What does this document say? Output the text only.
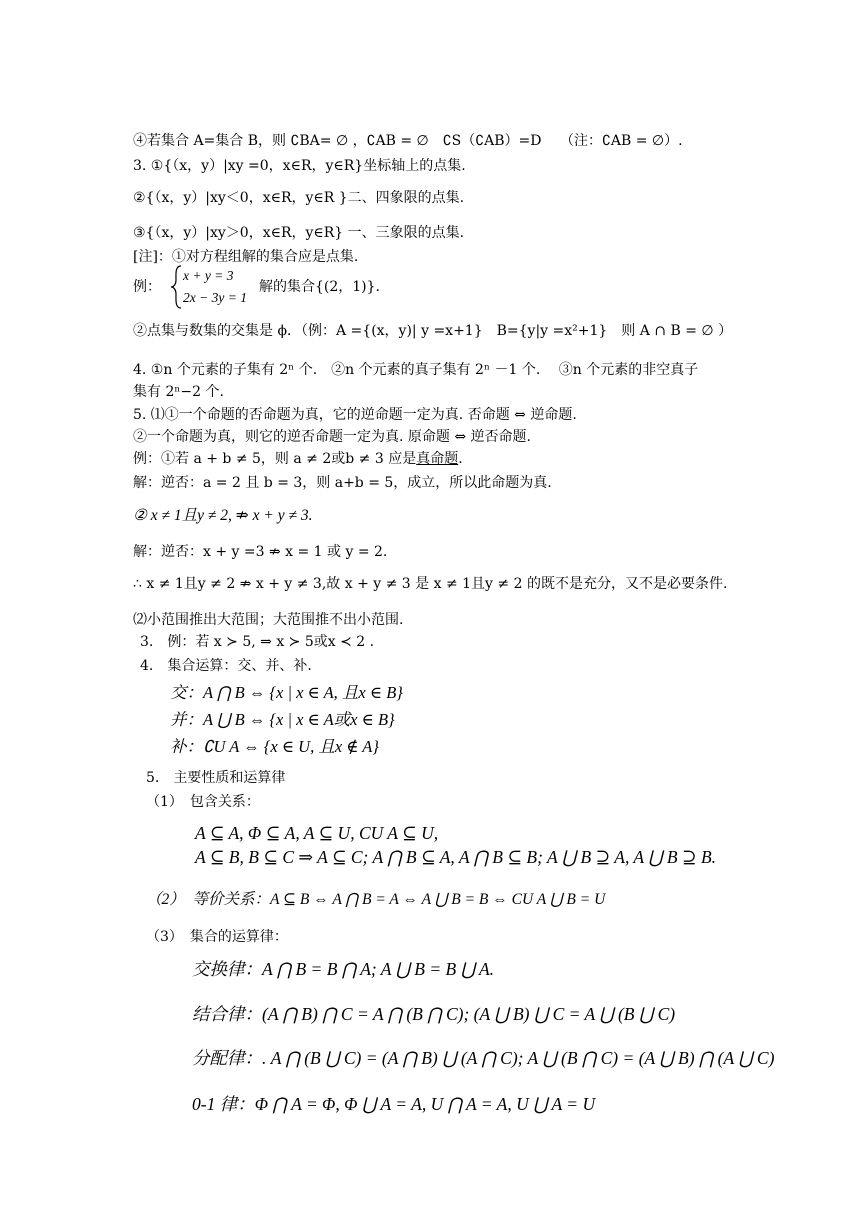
④若集合 A=集合 B，则 ∁BA= ∅ ，∁AB = ∅　∁S（∁AB）=D　 （注：∁AB = ∅）.
3. ①{（x，y）|xy =0，x∈R，y∈R}坐标轴上的点集.
②{（x，y）|xy＜0，x∈R，y∈R }二、四象限的点集.
③{（x，y）|xy＞0，x∈R，y∈R} 一、三象限的点集.
[注]：①对方程组解的集合应是点集.
例：
x + y = 3
2x − 3y = 1
解的集合{(2，1)}.
②点集与数集的交集是 ϕ．（例：A ={(x，y)| y =x+1}　B={y|y =x²+1}　则 A ∩ B = ∅ ）
4. ①n 个元素的子集有 2ⁿ 个.　②n 个元素的真子集有 2ⁿ －1 个.　 ③n 个元素的非空真子
集有 2ⁿ−2 个.
5. ⑴①一个命题的否命题为真，它的逆命题一定为真. 否命题 ⇔ 逆命题.
②一个命题为真，则它的逆否命题一定为真. 原命题 ⇔ 逆否命题.
例：①若 a + b ≠ 5，则 a ≠ 2或b ≠ 3 应是真命题.
解：逆否：a = 2 且 b = 3，则 a+b = 5，成立，所以此命题为真.
② x ≠ 1且y ≠ 2, ⇏ x + y ≠ 3.
解：逆否：x + y =3 ⇏ x = 1 或 y = 2.
∴ x ≠ 1且y ≠ 2 ⇏ x + y ≠ 3,故 x + y ≠ 3 是 x ≠ 1且y ≠ 2 的既不是充分，又不是必要条件.
⑵小范围推出大范围；大范围推不出小范围.
3.　例：若 x ≻ 5, ⇒ x ≻ 5或x ≺ 2 .
4.　集合运算：交、并、补.
交：A ⋂ B ⇔ {x | x ∈ A, 且x ∈ B}
并：A ⋃ B ⇔ {x | x ∈ A或x ∈ B}
补：∁U A ⇔ {x ∈ U, 且x ∉ A}
5.　主要性质和运算律
（1）　包含关系：
A ⊆ A, Φ ⊆ A, A ⊆ U, CU A ⊆ U,
A ⊆ B, B ⊆ C ⇒ A ⊆ C; A ⋂ B ⊆ A, A ⋂ B ⊆ B; A ⋃ B ⊇ A, A ⋃ B ⊇ B.
（2）　等价关系：A ⊆ B ⇔ A ⋂ B = A ⇔ A ⋃ B = B ⇔ CU A ⋃ B = U
（3）　集合的运算律：
交换律：A ⋂ B = B ⋂ A; A ⋃ B = B ⋃ A.
结合律：(A ⋂ B) ⋂ C = A ⋂ (B ⋂ C); (A ⋃ B) ⋃ C = A ⋃ (B ⋃ C)
分配律：. A ⋂ (B ⋃ C) = (A ⋂ B) ⋃ (A ⋂ C); A ⋃ (B ⋂ C) = (A ⋃ B) ⋂ (A ⋃ C)
0-1 律：Φ ⋂ A = Φ, Φ ⋃ A = A, U ⋂ A = A, U ⋃ A = U
